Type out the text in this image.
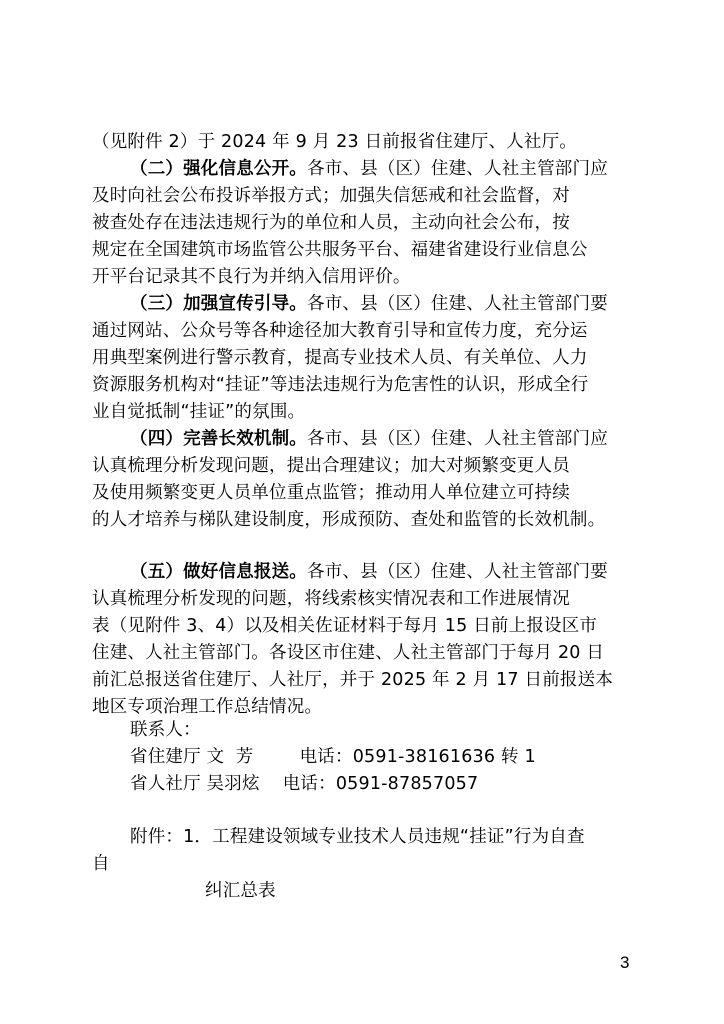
（见附件 2）于 2024 年 9 月 23 日前报省住建厅、人社厅。
（二）强化信息公开。各市、县（区）住建、人社主管部门应
及时向社会公布投诉举报方式；加强失信惩戒和社会监督，对
被查处存在违法违规行为的单位和人员，主动向社会公布，按
规定在全国建筑市场监管公共服务平台、福建省建设行业信息公
开平台记录其不良行为并纳入信用评价。
（三）加强宣传引导。各市、县（区）住建、人社主管部门要
通过网站、公众号等各种途径加大教育引导和宣传力度，充分运
用典型案例进行警示教育，提高专业技术人员、有关单位、人力
资源服务机构对“挂证”等违法违规行为危害性的认识，形成全行
业自觉抵制“挂证”的氛围。
（四）完善长效机制。各市、县（区）住建、人社主管部门应
认真梳理分析发现问题，提出合理建议；加大对频繁变更人员
及使用频繁变更人员单位重点监管；推动用人单位建立可持续
的人才培养与梯队建设制度，形成预防、查处和监管的长效机制。
（五）做好信息报送。各市、县（区）住建、人社主管部门要
认真梳理分析发现的问题，将线索核实情况表和工作进展情况
表（见附件 3、4）以及相关佐证材料于每月 15 日前上报设区市
住建、人社主管部门。各设区市住建、人社主管部门于每月 20 日
前汇总报送省住建厅、人社厅，并于 2025 年 2 月 17 日前报送本
地区专项治理工作总结情况。
联系人：
省住建厅 文  芳        电话：0591-38161636 转 1
省人社厅 吴羽炫    电话：0591-87857057
附件：1．工程建设领域专业技术人员违规“挂证”行为自查
自
纠汇总表
3
